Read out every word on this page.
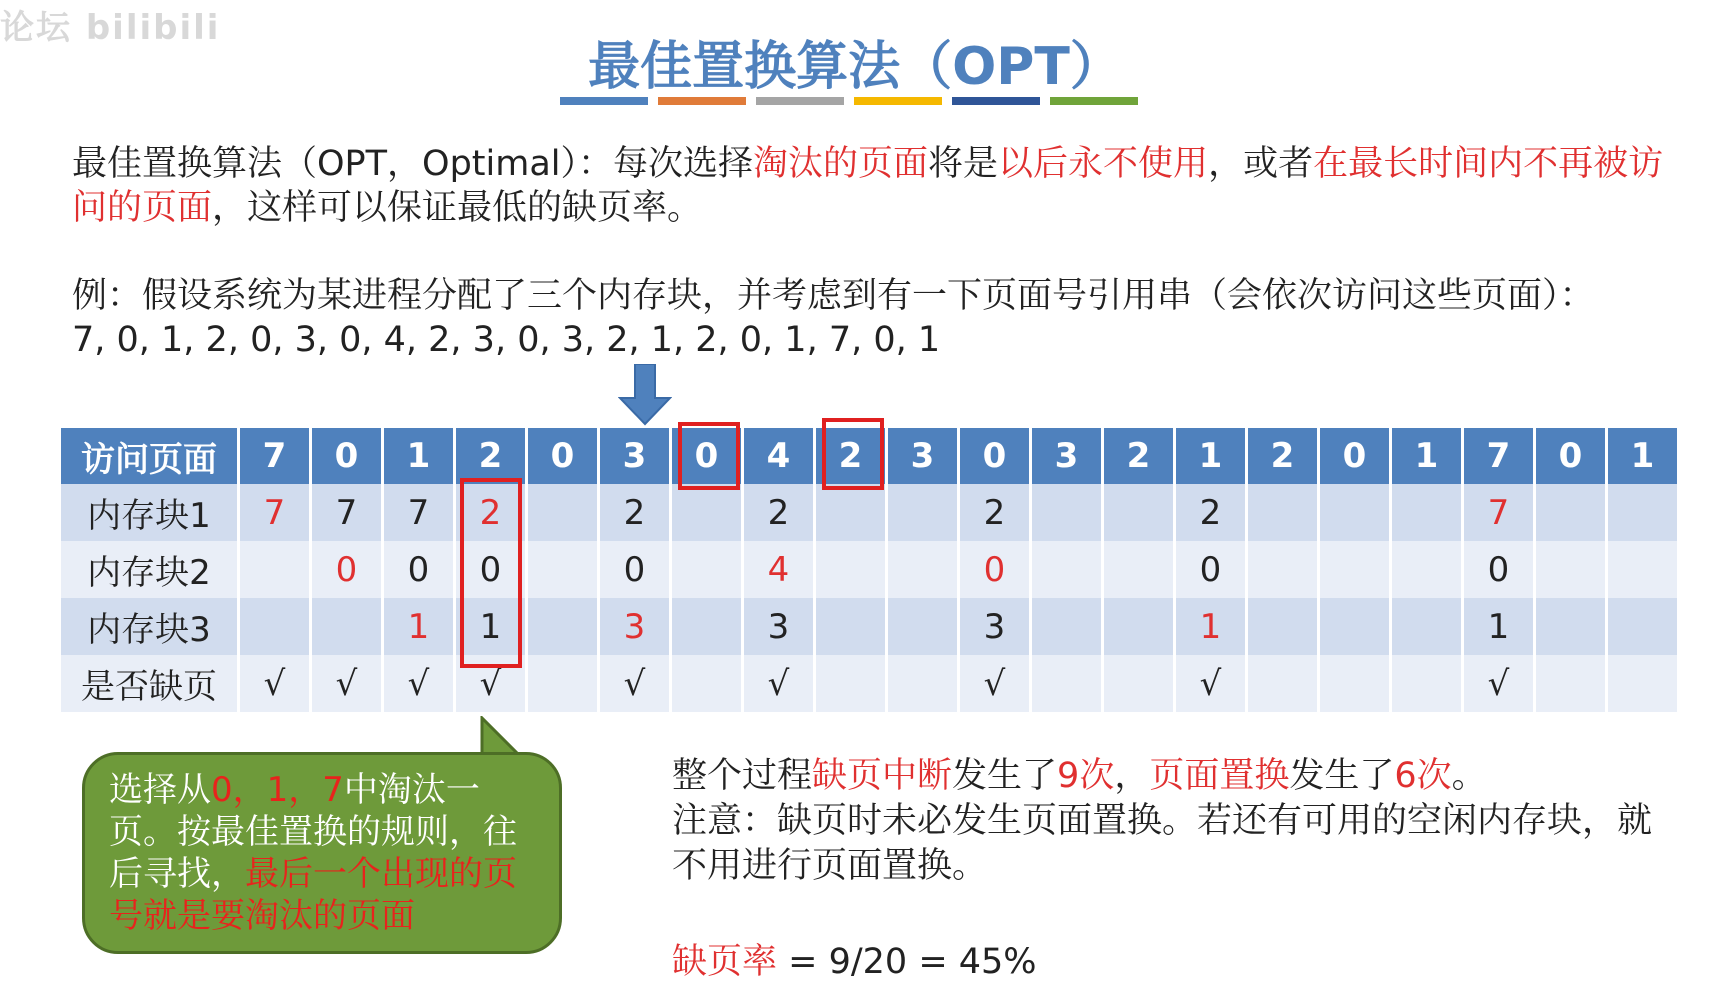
论坛 bilibili
最佳置换算法（OPT）
最佳置换算法（OPT，Optimal）：每次选择淘汰的页面将是以后永不使用，或者在最长时间内不再被访问的页面，这样可以保证最低的缺页率。
例：假设系统为某进程分配了三个内存块，并考虑到有一下页面号引用串（会依次访问这些页面）：
7, 0, 1, 2, 0, 3, 0, 4, 2, 3, 0, 3, 2, 1, 2, 0, 1, 7, 0, 1
访问页面	7	0	1	2	0	3	0	4	2	3	0	3	2	1	2	0	1	7	0	1
内存块1	7	7	7	2		2		2			2			2				7		
内存块2		0	0	0		0		4			0			0				0		
内存块3			1	1		3		3			3			1				1		
是否缺页	√	√	√	√		√		√			√			√				√		
选择从0，1，7中淘汰一页。按最佳置换的规则，往后寻找，最后一个出现的页号就是要淘汰的页面
整个过程缺页中断发生了9次，页面置换发生了6次。
注意：缺页时未必发生页面置换。若还有可用的空闲内存块，就不用进行页面置换。
缺页率 = 9/20 = 45%
